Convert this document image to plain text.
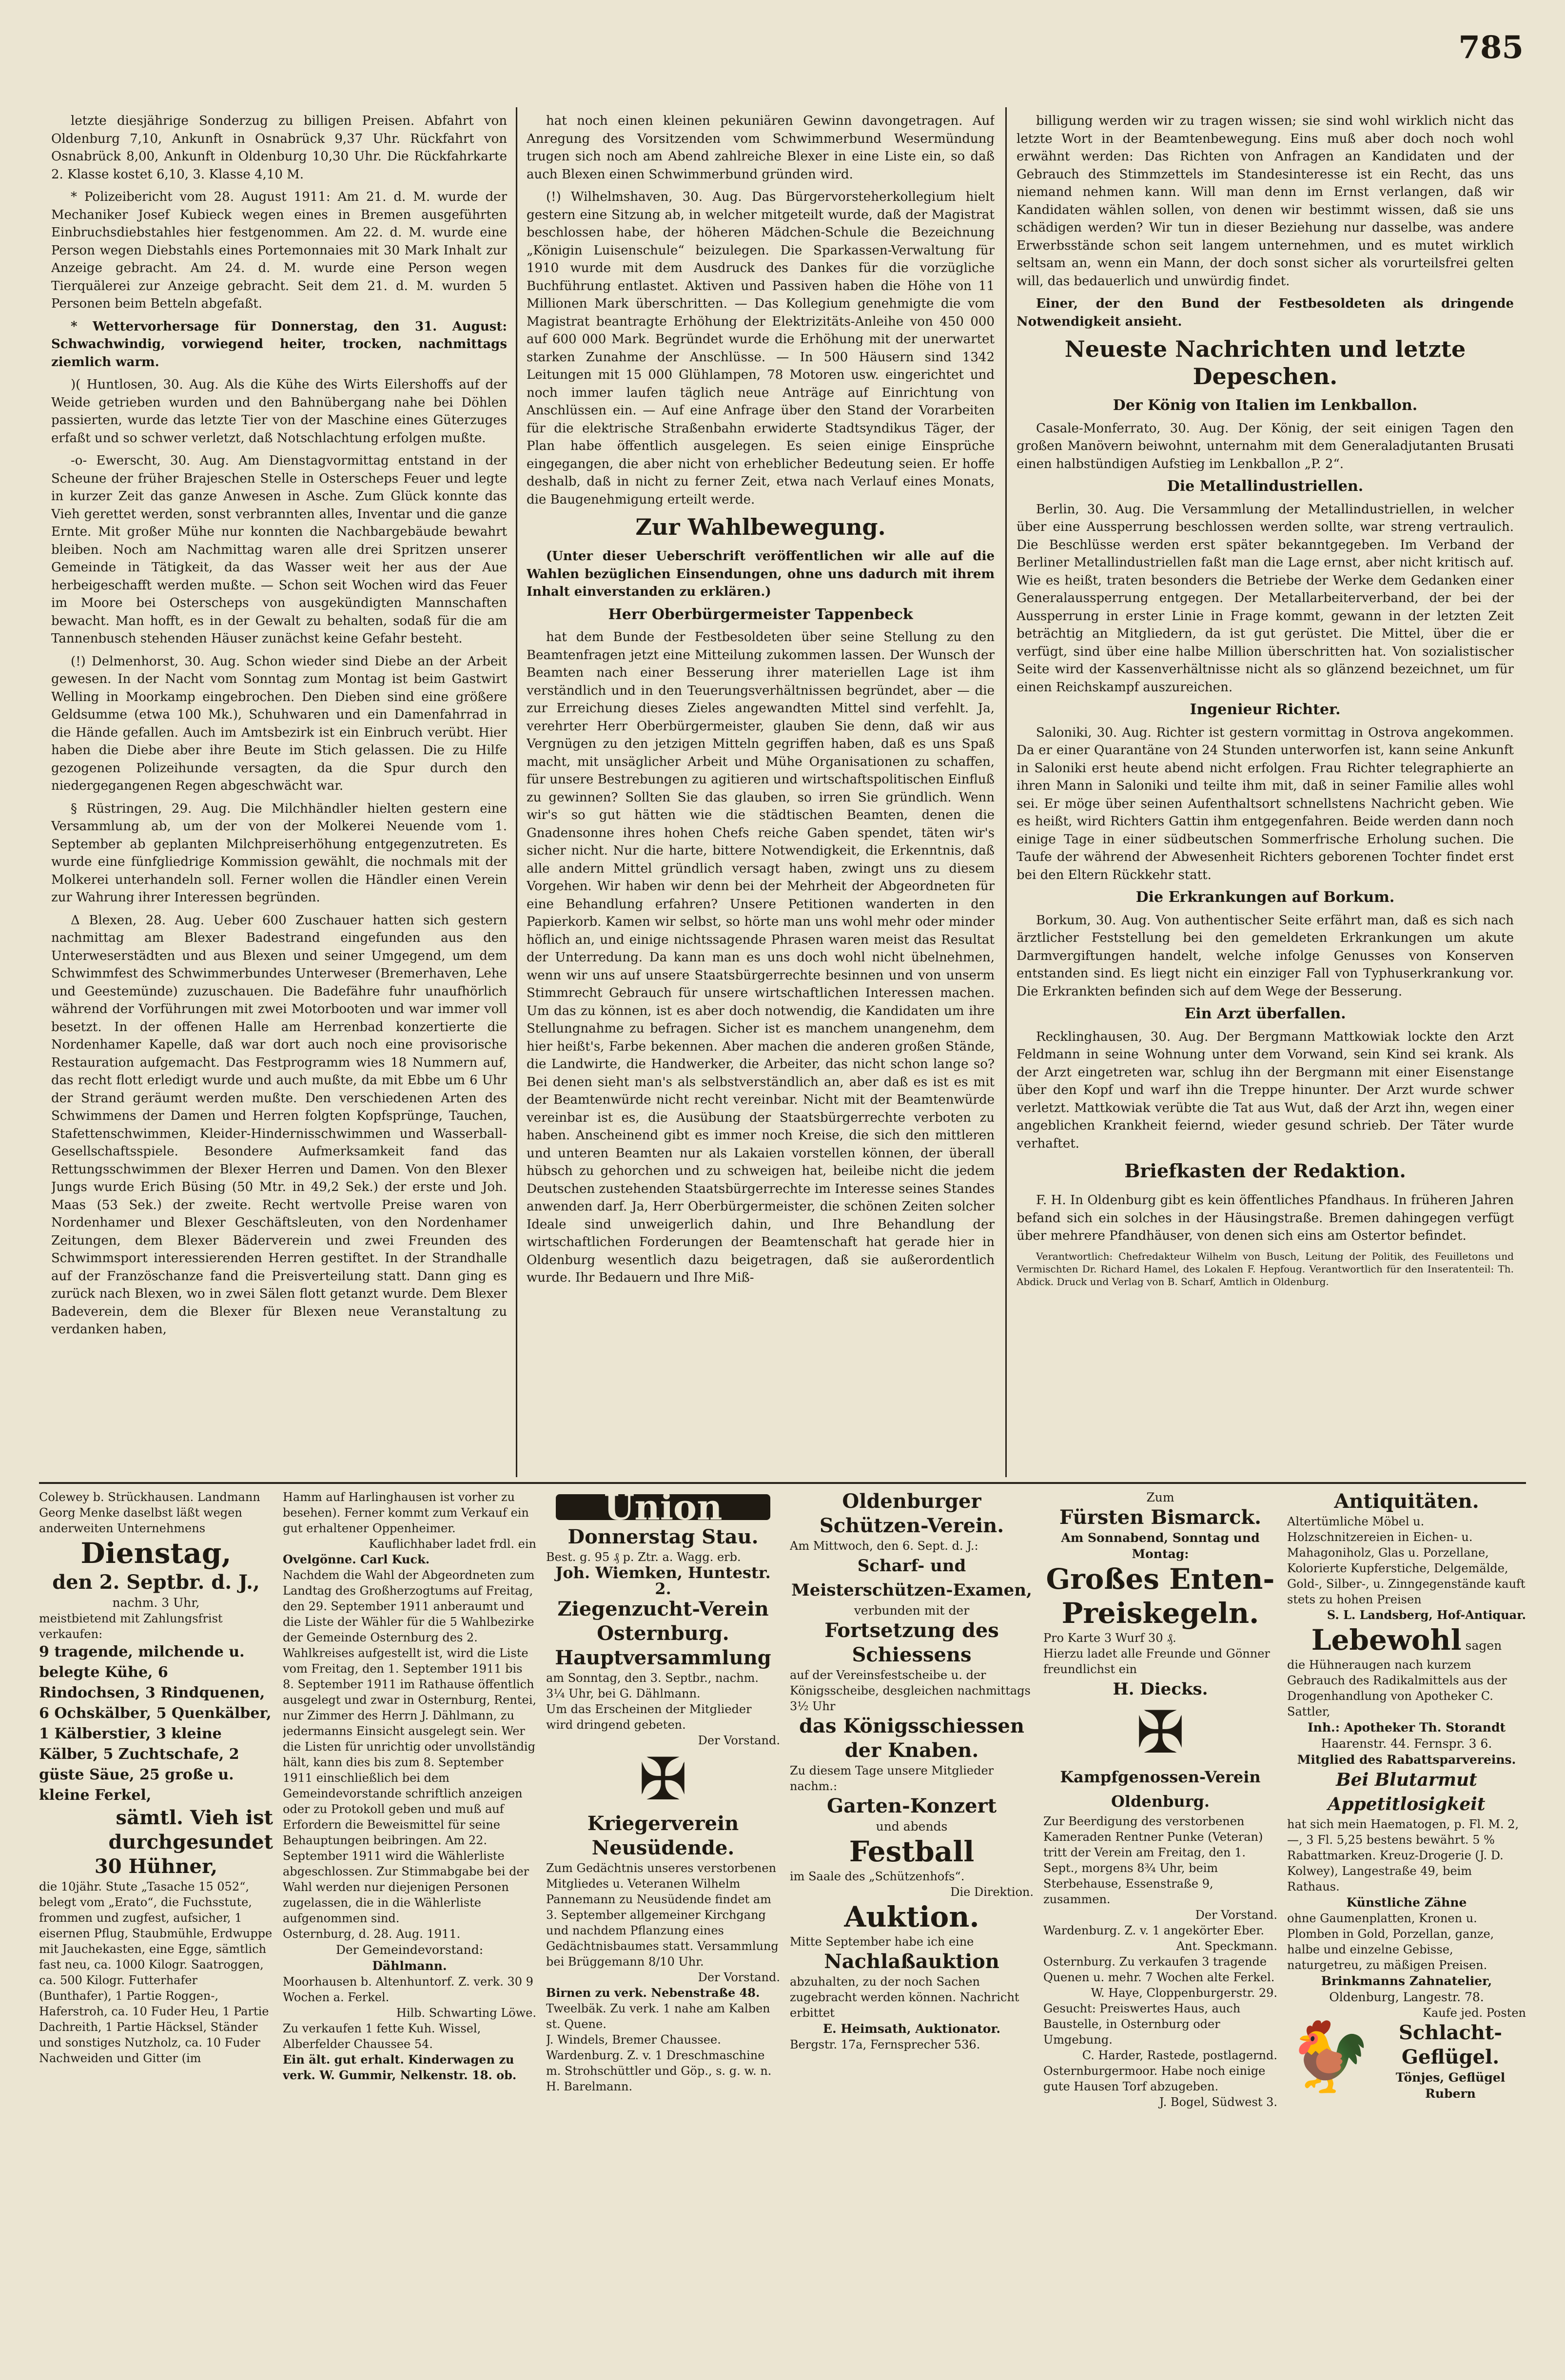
785

letzte diesjährige Sonderzug zu billigen Preisen. Abfahrt von Oldenburg 7,10, Ankunft in Osnabrück 9,37 Uhr. Rückfahrt von Osnabrück 8,00, Ankunft in Oldenburg 10,30 Uhr. Die Rückfahrkarte 2. Klasse kostet 6,10, 3. Klasse 4,10 M.

* Polizeibericht vom 28. August 1911: Am 21. d. M. wurde der Mechaniker Josef Kubieck wegen eines in Bremen ausgeführten Einbruchsdiebstahles hier festgenommen. Am 22. d. M. wurde eine Person wegen Diebstahls eines Portemonnaies mit 30 Mark Inhalt zur Anzeige gebracht. Am 24. d. M. wurde eine Person wegen Tierquälerei zur Anzeige gebracht. Seit dem 21. d. M. wurden 5 Personen beim Betteln abgefaßt.

* Wettervorhersage für Donnerstag, den 31. August: Schwachwindig, vorwiegend heiter, trocken, nachmittags ziemlich warm.

)( Huntlosen, 30. Aug. Als die Kühe des Wirts Eilershoffs auf der Weide getrieben wurden und den Bahnübergang nahe bei Döhlen passierten, wurde das letzte Tier von der Maschine eines Güterzuges erfaßt und so schwer verletzt, daß Notschlachtung erfolgen mußte.

-o- Ewerscht, 30. Aug. Am Dienstagvormittag entstand in der Scheune der früher Brajeschen Stelle in Osterscheps Feuer und legte in kurzer Zeit das ganze Anwesen in Asche. Zum Glück konnte das Vieh gerettet werden, sonst verbrannten alles, Inventar und die ganze Ernte. Mit großer Mühe nur konnten die Nachbargebäude bewahrt bleiben. Noch am Nachmittag waren alle drei Spritzen unserer Gemeinde in Tätigkeit, da das Wasser weit her aus der Aue herbeigeschafft werden mußte. — Schon seit Wochen wird das Feuer im Moore bei Osterscheps von ausgekündigten Mannschaften bewacht. Man hofft, es in der Gewalt zu behalten, sodaß für die am Tannenbusch stehenden Häuser zunächst keine Gefahr besteht.

(!) Delmenhorst, 30. Aug. Schon wieder sind Diebe an der Arbeit gewesen. In der Nacht vom Sonntag zum Montag ist beim Gastwirt Welling in Moorkamp eingebrochen. Den Dieben sind eine größere Geldsumme (etwa 100 Mk.), Schuhwaren und ein Damenfahrrad in die Hände gefallen. Auch im Amtsbezirk ist ein Einbruch verübt. Hier haben die Diebe aber ihre Beute im Stich gelassen. Die zu Hilfe gezogenen Polizeihunde versagten, da die Spur durch den niedergegangenen Regen abgeschwächt war.

§ Rüstringen, 29. Aug. Die Milchhändler hielten gestern eine Versammlung ab, um der von der Molkerei Neuende vom 1. September ab geplanten Milchpreiserhöhung entgegenzutreten. Es wurde eine fünfgliedrige Kommission gewählt, die nochmals mit der Molkerei unterhandeln soll. Ferner wollen die Händler einen Verein zur Wahrung ihrer Interessen begründen.

Δ Blexen, 28. Aug. Ueber 600 Zuschauer hatten sich gestern nachmittag am Blexer Badestrand eingefunden aus den Unterweserstädten und aus Blexen und seiner Umgegend, um dem Schwimmfest des Schwimmerbundes Unterweser (Bremerhaven, Lehe und Geestemünde) zuzuschauen. Die Badefähre fuhr unaufhörlich während der Vorführungen mit zwei Motorbooten und war immer voll besetzt. In der offenen Halle am Herrenbad konzertierte die Nordenhamer Kapelle, daß war dort auch noch eine provisorische Restauration aufgemacht. Das Festprogramm wies 18 Nummern auf, das recht flott erledigt wurde und auch mußte, da mit Ebbe um 6 Uhr der Strand geräumt werden mußte. Den verschiedenen Arten des Schwimmens der Damen und Herren folgten Kopfsprünge, Tauchen, Stafettenschwimmen, Kleider-Hindernisschwimmen und Wasserball-Gesellschaftsspiele. Besondere Aufmerksamkeit fand das Rettungsschwimmen der Blexer Herren und Damen. Von den Blexer Jungs wurde Erich Büsing (50 Mtr. in 49,2 Sek.) der erste und Joh. Maas (53 Sek.) der zweite. Recht wertvolle Preise waren von Nordenhamer und Blexer Geschäftsleuten, von den Nordenhamer Zeitungen, dem Blexer Bäderverein und zwei Freunden des Schwimmsport interessierenden Herren gestiftet. In der Strandhalle auf der Französchanze fand die Preisverteilung statt. Dann ging es zurück nach Blexen, wo in zwei Sälen flott getanzt wurde. Dem Blexer Badeverein, dem die Blexer für Blexen neue Veranstaltung zu verdanken haben,

hat noch einen kleinen pekuniären Gewinn davongetragen. Auf Anregung des Vorsitzenden vom Schwimmerbund Wesermündung trugen sich noch am Abend zahlreiche Blexer in eine Liste ein, so daß auch Blexen einen Schwimmerbund gründen wird.

(!) Wilhelmshaven, 30. Aug. Das Bürgervorsteherkollegium hielt gestern eine Sitzung ab, in welcher mitgeteilt wurde, daß der Magistrat beschlossen habe, der höheren Mädchen-Schule die Bezeichnung „Königin Luisenschule“ beizulegen. Die Sparkassen-Verwaltung für 1910 wurde mit dem Ausdruck des Dankes für die vorzügliche Buchführung entlastet. Aktiven und Passiven haben die Höhe von 11 Millionen Mark überschritten. — Das Kollegium genehmigte die vom Magistrat beantragte Erhöhung der Elektrizitäts-Anleihe von 450 000 auf 600 000 Mark. Begründet wurde die Erhöhung mit der unerwartet starken Zunahme der Anschlüsse. — In 500 Häusern sind 1342 Leitungen mit 15 000 Glühlampen, 78 Motoren usw. eingerichtet und noch immer laufen täglich neue Anträge auf Einrichtung von Anschlüssen ein. — Auf eine Anfrage über den Stand der Vorarbeiten für die elektrische Straßenbahn erwiderte Stadtsyndikus Täger, der Plan habe öffentlich ausgelegen. Es seien einige Einsprüche eingegangen, die aber nicht von erheblicher Bedeutung seien. Er hoffe deshalb, daß in nicht zu ferner Zeit, etwa nach Verlauf eines Monats, die Baugenehmigung erteilt werde.

Zur Wahlbewegung.

(Unter dieser Ueberschrift veröffentlichen wir alle auf die Wahlen bezüglichen Einsendungen, ohne uns dadurch mit ihrem Inhalt einverstanden zu erklären.)

Herr Oberbürgermeister Tappenbeck

hat dem Bunde der Festbesoldeten über seine Stellung zu den Beamtenfragen jetzt eine Mitteilung zukommen lassen. Der Wunsch der Beamten nach einer Besserung ihrer materiellen Lage ist ihm verständlich und in den Teuerungsverhältnissen begründet, aber — die zur Erreichung dieses Zieles angewandten Mittel sind verfehlt. Ja, verehrter Herr Oberbürgermeister, glauben Sie denn, daß wir aus Vergnügen zu den jetzigen Mitteln gegriffen haben, daß es uns Spaß macht, mit unsäglicher Arbeit und Mühe Organisationen zu schaffen, für unsere Bestrebungen zu agitieren und wirtschaftspolitischen Einfluß zu gewinnen? Sollten Sie das glauben, so irren Sie gründlich. Wenn wir's so gut hätten wie die städtischen Beamten, denen die Gnadensonne ihres hohen Chefs reiche Gaben spendet, täten wir's sicher nicht. Nur die harte, bittere Notwendigkeit, die Erkenntnis, daß alle andern Mittel gründlich versagt haben, zwingt uns zu diesem Vorgehen. Wir haben wir denn bei der Mehrheit der Abgeordneten für eine Behandlung erfahren? Unsere Petitionen wanderten in den Papierkorb. Kamen wir selbst, so hörte man uns wohl mehr oder minder höflich an, und einige nichtssagende Phrasen waren meist das Resultat der Unterredung. Da kann man es uns doch wohl nicht übelnehmen, wenn wir uns auf unsere Staatsbürgerrechte besinnen und von unserm Stimmrecht Gebrauch für unsere wirtschaftlichen Interessen machen. Um das zu können, ist es aber doch notwendig, die Kandidaten um ihre Stellungnahme zu befragen. Sicher ist es manchem unangenehm, dem hier heißt's, Farbe bekennen. Aber machen die anderen großen Stände, die Landwirte, die Handwerker, die Arbeiter, das nicht schon lange so? Bei denen sieht man's als selbstverständlich an, aber daß es ist es mit der Beamtenwürde nicht recht vereinbar. Nicht mit der Beamtenwürde vereinbar ist es, die Ausübung der Staatsbürgerrechte verboten zu haben. Anscheinend gibt es immer noch Kreise, die sich den mittleren und unteren Beamten nur als Lakaien vorstellen können, der überall hübsch zu gehorchen und zu schweigen hat, beileibe nicht die jedem Deutschen zustehenden Staatsbürgerrechte im Interesse seines Standes anwenden darf. Ja, Herr Oberbürgermeister, die schönen Zeiten solcher Ideale sind unweigerlich dahin, und Ihre Behandlung der wirtschaftlichen Forderungen der Beamtenschaft hat gerade hier in Oldenburg wesentlich dazu beigetragen, daß sie außerordentlich wurde. Ihr Bedauern und Ihre Miß-

billigung werden wir zu tragen wissen; sie sind wohl wirklich nicht das letzte Wort in der Beamtenbewegung. Eins muß aber doch noch wohl erwähnt werden: Das Richten von Anfragen an Kandidaten und der Gebrauch des Stimmzettels im Standesinteresse ist ein Recht, das uns niemand nehmen kann. Will man denn im Ernst verlangen, daß wir Kandidaten wählen sollen, von denen wir bestimmt wissen, daß sie uns schädigen werden? Wir tun in dieser Beziehung nur dasselbe, was andere Erwerbsstände schon seit langem unternehmen, und es mutet wirklich seltsam an, wenn ein Mann, der doch sonst sicher als vorurteilsfrei gelten will, das bedauerlich und unwürdig findet.

Einer, der den Bund der Festbesoldeten als dringende Notwendigkeit ansieht.

Neueste Nachrichten und letzte Depeschen.
Der König von Italien im Lenkballon.

Casale-Monferrato, 30. Aug. Der König, der seit einigen Tagen den großen Manövern beiwohnt, unternahm mit dem Generaladjutanten Brusati einen halbstündigen Aufstieg im Lenkballon „P. 2“.

Die Metallindustriellen.

Berlin, 30. Aug. Die Versammlung der Metallindustriellen, in welcher über eine Aussperrung beschlossen werden sollte, war streng vertraulich. Die Beschlüsse werden erst später bekanntgegeben. Im Verband der Berliner Metallindustriellen faßt man die Lage ernst, aber nicht kritisch auf. Wie es heißt, traten besonders die Betriebe der Werke dem Gedanken einer Generalaussperrung entgegen. Der Metallarbeiterverband, der bei der Aussperrung in erster Linie in Frage kommt, gewann in der letzten Zeit beträchtig an Mitgliedern, da ist gut gerüstet. Die Mittel, über die er verfügt, sind über eine halbe Million überschritten hat. Von sozialistischer Seite wird der Kassenverhältnisse nicht als so glänzend bezeichnet, um für einen Reichskampf auszureichen.

Ingenieur Richter.

Saloniki, 30. Aug. Richter ist gestern vormittag in Ostrova angekommen. Da er einer Quarantäne von 24 Stunden unterworfen ist, kann seine Ankunft in Saloniki erst heute abend nicht erfolgen. Frau Richter telegraphierte an ihren Mann in Saloniki und teilte ihm mit, daß in seiner Familie alles wohl sei. Er möge über seinen Aufenthaltsort schnellstens Nachricht geben. Wie es heißt, wird Richters Gattin ihm entgegenfahren. Beide werden dann noch einige Tage in einer südbeutschen Sommerfrische Erholung suchen. Die Taufe der während der Abwesenheit Richters geborenen Tochter findet erst bei den Eltern Rückkehr statt.

Die Erkrankungen auf Borkum.

Borkum, 30. Aug. Von authentischer Seite erfährt man, daß es sich nach ärztlicher Feststellung bei den gemeldeten Erkrankungen um akute Darmvergiftungen handelt, welche infolge Genusses von Konserven entstanden sind. Es liegt nicht ein einziger Fall von Typhuserkrankung vor. Die Erkrankten befinden sich auf dem Wege der Besserung.

Ein Arzt überfallen.

Recklinghausen, 30. Aug. Der Bergmann Mattkowiak lockte den Arzt Feldmann in seine Wohnung unter dem Vorwand, sein Kind sei krank. Als der Arzt eingetreten war, schlug ihn der Bergmann mit einer Eisenstange über den Kopf und warf ihn die Treppe hinunter. Der Arzt wurde schwer verletzt. Mattkowiak verübte die Tat aus Wut, daß der Arzt ihn, wegen einer angeblichen Krankheit feiernd, wieder gesund schrieb. Der Täter wurde verhaftet.

Briefkasten der Redaktion.

F. H. In Oldenburg gibt es kein öffentliches Pfandhaus. In früheren Jahren befand sich ein solches in der Häusingstraße. Bremen dahingegen verfügt über mehrere Pfandhäuser, von denen sich eins am Ostertor befindet.

Verantwortlich: Chefredakteur Wilhelm von Busch, Leitung der Politik, des Feuilletons und Vermischten Dr. Richard Hamel, des Lokalen F. Hepfoug. Verantwortlich für den Inseratenteil: Th. Abdick. Druck und Verlag von B. Scharf, Amtlich in Oldenburg.

Colewey b. Strückhausen. Landmann Georg Menke daselbst läßt wegen anderweiten Unternehmens
Dienstag,
den 2. Septbr. d. J.,
nachm. 3 Uhr,
meistbietend mit Zahlungsfrist verkaufen:
9 tragende, milchende u. belegte Kühe, 6 Rindochsen, 3 Rindquenen, 6 Ochskälber, 5 Quenkälber, 1 Kälberstier, 3 kleine Kälber, 5 Zuchtschafe, 2 güste Säue, 25 große u. kleine Ferkel,
sämtl. Vieh ist durchgesundet
30 Hühner,
die 10jähr. Stute „Tasache 15 052“, belegt vom „Erato“, die Fuchsstute, frommen und zugfest, aufsicher, 1 eisernen Pflug, Staubmühle, Erdwuppe mit Jauchekasten, eine Egge, sämtlich fast neu, ca. 1000 Kilogr. Saatroggen, ca. 500 Kilogr. Futterhafer (Bunthafer), 1 Partie Roggen-, Haferstroh, ca. 10 Fuder Heu, 1 Partie Dachreith, 1 Partie Häcksel, Ständer und sonstiges Nutzholz, ca. 10 Fuder Nachweiden und Gitter (im
Hamm auf Harlinghausen ist vorher zu besehen). Ferner kommt zum Verkauf ein gut erhaltener Oppenheimer.
Kauflichhaber ladet frdl. ein
Ovelgönne. Carl Kuck.
Nachdem die Wahl der Abgeordneten zum Landtag des Großherzogtums auf Freitag, den 29. September 1911 anberaumt und die Liste der Wähler für die 5 Wahlbezirke der Gemeinde Osternburg des 2. Wahlkreises aufgestellt ist, wird die Liste vom Freitag, den 1. September 1911 bis 8. September 1911 im Rathause öffentlich ausgelegt und zwar in Osternburg, Rentei, nur Zimmer des Herrn J. Dählmann, zu jedermanns Einsicht ausgelegt sein. Wer die Listen für unrichtig oder unvollständig hält, kann dies bis zum 8. September 1911 einschließlich bei dem Gemeindevorstande schriftlich anzeigen oder zu Protokoll geben und muß auf Erfordern die Beweismittel für seine Behauptungen beibringen. Am 22. September 1911 wird die Wählerliste abgeschlossen. Zur Stimmabgabe bei der Wahl werden nur diejenigen Personen zugelassen, die in die Wählerliste aufgenommen sind.
Osternburg, d. 28. Aug. 1911.
Der Gemeindevorstand:
Dählmann.
Moorhausen b. Altenhuntorf. Z. verk. 30 9 Wochen a. Ferkel.
Hilb. Schwarting Löwe.
Zu verkaufen 1 fette Kuh. Wissel, Alberfelder Chaussee 54.
Ein ält. gut erhalt. Kinderwagen zu verk. W. Gummir, Nelkenstr. 18. ob.
Union
Donnerstag Stau.
Best. g. 95 ₰ p. Ztr. a. Wagg. erb.
Joh. Wiemken, Huntestr. 2.
Ziegenzucht-Verein Osternburg.
Hauptversammlung
am Sonntag, den 3. Septbr., nachm. 3¼ Uhr, bei G. Dählmann.
Um das Erscheinen der Mitglieder wird dringend gebeten.
Der Vorstand.
✠
Kriegerverein Neusüdende.
Zum Gedächtnis unseres verstorbenen Mitgliedes u. Veteranen Wilhelm Pannemann zu Neusüdende findet am 3. September allgemeiner Kirchgang und nachdem Pflanzung eines Gedächtnisbaumes statt. Versammlung bei Brüggemann 8/10 Uhr.
Der Vorstand.
Birnen zu verk. Nebenstraße 48.
Tweelbäk. Zu verk. 1 nahe am Kalben st. Quene.
J. Windels, Bremer Chaussee.
Wardenburg. Z. v. 1 Dreschmaschine m. Strohschüttler und Göp., s. g. w. n. H. Barelmann.
Oldenburger Schützen-Verein.
Am Mittwoch, den 6. Sept. d. J.:
Scharf- und Meisterschützen-Examen,
verbunden mit der
Fortsetzung des Schiessens
auf der Vereinsfestscheibe u. der Königsscheibe, desgleichen nachmittags 3½ Uhr
das Königsschiessen der Knaben.
Zu diesem Tage unsere Mitglieder nachm.:
Garten-Konzert
und abends
Festball
im Saale des „Schützenhofs“.
Die Direktion.
Auktion.
Mitte September habe ich eine
Nachlaßauktion
abzuhalten, zu der noch Sachen zugebracht werden können. Nachricht erbittet
E. Heimsath, Auktionator.
Bergstr. 17a, Fernsprecher 536.
Zum
Fürsten Bismarck.
Am Sonnabend, Sonntag und Montag:
Großes Enten-Preiskegeln.
Pro Karte 3 Wurf 30 ₰.
Hierzu ladet alle Freunde und Gönner freundlichst ein
H. Diecks.
✠
Kampfgenossen-Verein Oldenburg.
Zur Beerdigung des verstorbenen Kameraden Rentner Punke (Veteran) tritt der Verein am Freitag, den 1. Sept., morgens 8¾ Uhr, beim Sterbehause, Essenstraße 9, zusammen.
Der Vorstand.
Wardenburg. Z. v. 1 angekörter Eber.
Ant. Speckmann.
Osternburg. Zu verkaufen 3 tragende Quenen u. mehr. 7 Wochen alte Ferkel.
W. Haye, Cloppenburgerstr. 29.
Gesucht: Preiswertes Haus, auch Baustelle, in Osternburg oder Umgebung.
C. Harder, Rastede, postlagernd.
Osternburgermoor. Habe noch einige gute Hausen Torf abzugeben.
J. Bogel, Südwest 3.
Antiquitäten.
Altertümliche Möbel u. Holzschnitzereien in Eichen- u. Mahagoniholz, Glas u. Porzellane, Kolorierte Kupferstiche, Delgemälde, Gold-, Silber-, u. Zinngegenstände kauft stets zu hohen Preisen
S. L. Landsberg, Hof-Antiquar.
Lebewohl sagen
die Hühneraugen nach kurzem Gebrauch des Radikalmittels aus der Drogenhandlung von Apotheker C. Sattler,
Inh.: Apotheker Th. Storandt
Haarenstr. 44. Fernspr. 3 6.
Mitglied des Rabattsparvereins.
Bei Blutarmut Appetitlosigkeit
hat sich mein Haematogen, p. Fl. M. 2,—, 3 Fl. 5,25 bestens bewährt. 5 % Rabattmarken. Kreuz-Drogerie (J. D. Kolwey), Langestraße 49, beim Rathaus.
Künstliche Zähne
ohne Gaumenplatten, Kronen u. Plomben in Gold, Porzellan, ganze, halbe und einzelne Gebisse, naturgetreu, zu mäßigen Preisen.
Brinkmanns Zahnatelier,
Oldenburg, Langestr. 78.
Kaufe jed. Posten
🐓	Schlacht-Geflügel.
Tönjes, Geflügel Rubern
